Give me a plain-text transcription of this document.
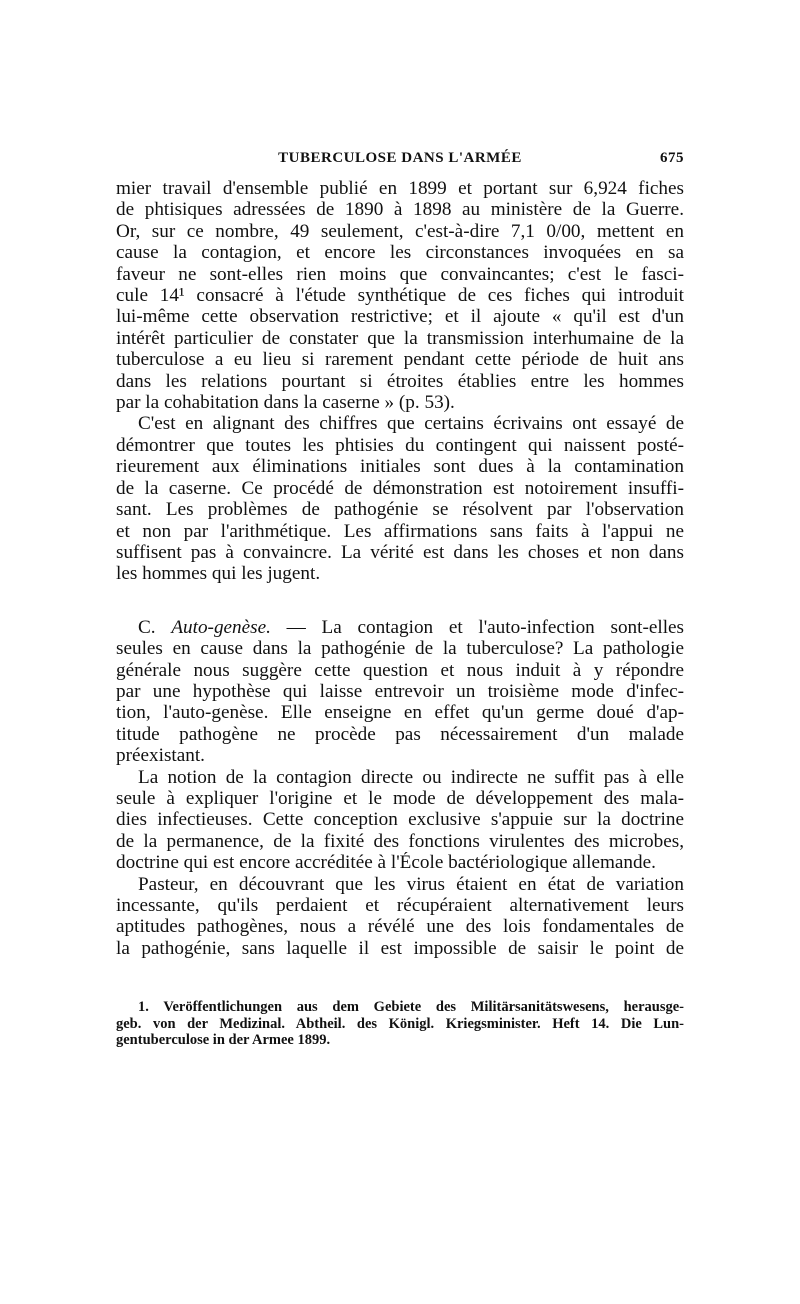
TUBERCULOSE DANS L'ARMÉE	675

mier travail d'ensemble publié en 1899 et portant sur 6,924 fiches
de phtisiques adressées de 1890 à 1898 au ministère de la Guerre.
Or, sur ce nombre, 49 seulement, c'est-à-dire 7,1 0/00, mettent en
cause la contagion, et encore les circonstances invoquées en sa
faveur ne sont-elles rien moins que convaincantes; c'est le fasci-
cule 14¹ consacré à l'étude synthétique de ces fiches qui introduit
lui-même cette observation restrictive; et il ajoute « qu'il est d'un
intérêt particulier de constater que la transmission interhumaine de la
tuberculose a eu lieu si rarement pendant cette période de huit ans
dans les relations pourtant si étroites établies entre les hommes
par la cohabitation dans la caserne » (p. 53).

C'est en alignant des chiffres que certains écrivains ont essayé de
démontrer que toutes les phtisies du contingent qui naissent posté-
rieurement aux éliminations initiales sont dues à la contamination
de la caserne. Ce procédé de démonstration est notoirement insuffi-
sant. Les problèmes de pathogénie se résolvent par l'observation
et non par l'arithmétique. Les affirmations sans faits à l'appui ne
suffisent pas à convaincre. La vérité est dans les choses et non dans
les hommes qui les jugent.

C. Auto-genèse. — La contagion et l'auto-infection sont-elles
seules en cause dans la pathogénie de la tuberculose? La pathologie
générale nous suggère cette question et nous induit à y répondre
par une hypothèse qui laisse entrevoir un troisième mode d'infec-
tion, l'auto-genèse. Elle enseigne en effet qu'un germe doué d'ap-
titude pathogène ne procède pas nécessairement d'un malade
préexistant.

La notion de la contagion directe ou indirecte ne suffit pas à elle
seule à expliquer l'origine et le mode de développement des mala-
dies infectieuses. Cette conception exclusive s'appuie sur la doctrine
de la permanence, de la fixité des fonctions virulentes des microbes,
doctrine qui est encore accréditée à l'École bactériologique allemande.

Pasteur, en découvrant que les virus étaient en état de variation
incessante, qu'ils perdaient et récupéraient alternativement leurs
aptitudes pathogènes, nous a révélé une des lois fondamentales de
la pathogénie, sans laquelle il est impossible de saisir le point de

1. Veröffentlichungen aus dem Gebiete des Militärsanitätswesens, herausge-
geb. von der Medizinal. Abtheil. des Königl. Kriegsminister. Heft 14. Die Lun-
gentuberculose in der Armee 1899.
